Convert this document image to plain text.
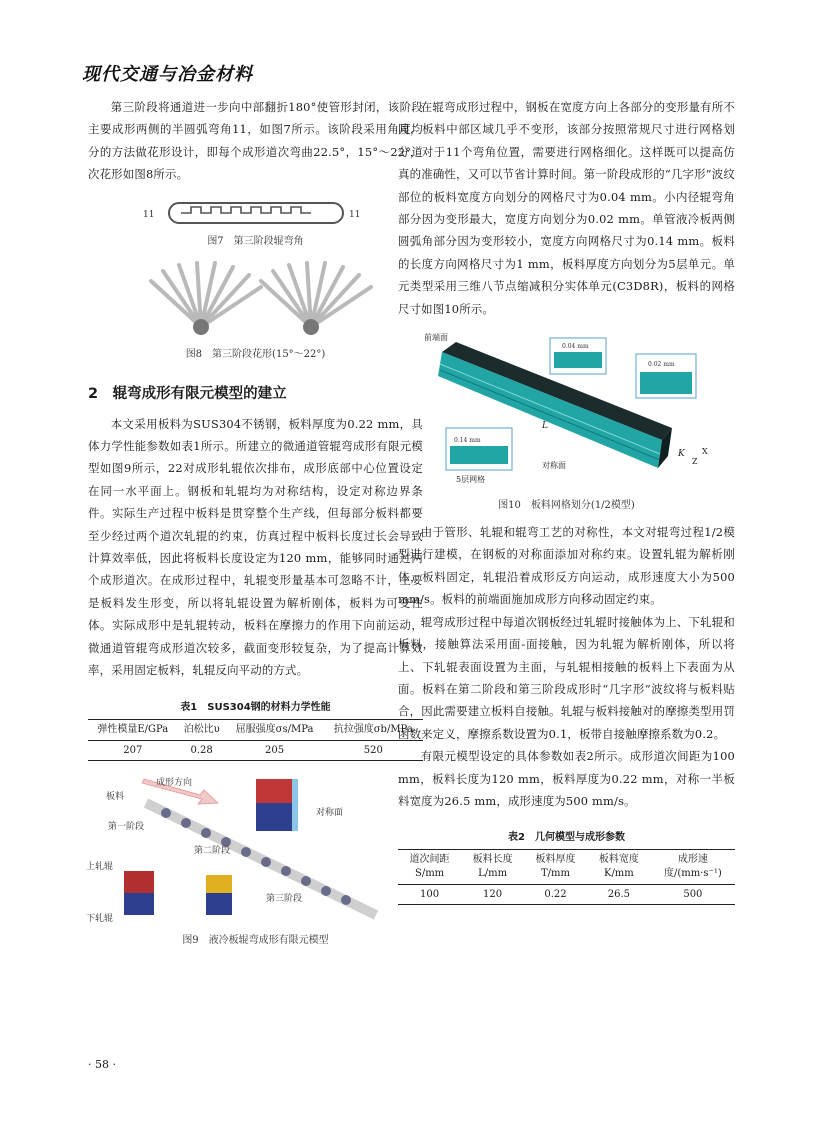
现代交通与冶金材料

第三阶段将通道进一步向中部翻折180°使管形封闭，该阶段主要成形两侧的半圆弧弯角11，如图7所示。该阶段采用角度均分的方法做花形设计，即每个成形道次弯曲22.5°，15°～22°道次花形如图8所示。

11	11

图7　第三阶段辊弯角

图8　第三阶段花形(15°～22°)

2　辊弯成形有限元模型的建立

本文采用板料为SUS304不锈钢，板料厚度为0.22 mm，具体力学性能参数如表1所示。所建立的微通道管辊弯成形有限元模型如图9所示，22对成形轧辊依次排布，成形底部中心位置设定在同一水平面上。钢板和轧辊均为对称结构，设定对称边界条件。实际生产过程中板料是贯穿整个生产线，但每部分板料都要至少经过两个道次轧辊的约束，仿真过程中板料长度过长会导致计算效率低，因此将板料长度设定为120 mm，能够同时通过两个成形道次。在成形过程中，轧辊变形量基本可忽略不计，主要是板料发生形变，所以将轧辊设置为解析刚体，板料为可变性体。实际成形中是轧辊转动，板料在摩擦力的作用下向前运动，微通道管辊弯成形道次较多，截面变形较复杂，为了提高计算效率，采用固定板料，轧辊反向平动的方式。

表1　SUS304钢的材料力学性能
弹性模量E/GPa	泊松比υ	屈服强度σs/MPa	抗拉强度σb/MPa
207	0.28	205	520
成形方向
板料
第一阶段
第二阶段
对称面
上轧辊
下轧辊
第三阶段

图9　液冷板辊弯成形有限元模型

· 58 ·

在辊弯成形过程中，钢板在宽度方向上各部分的变形量有所不同，板料中部区域几乎不变形，该部分按照常规尺寸进行网格划分，对于11个弯角位置，需要进行网格细化。这样既可以提高仿真的准确性，又可以节省计算时间。第一阶段成形的“几字形”波纹部位的板料宽度方向划分的网格尺寸为0.04 mm。小内径辊弯角部分因为变形最大，宽度方向划分为0.02 mm。单管液冷板两侧圆弧角部分因为变形较小，宽度方向网格尺寸为0.14 mm。板料的长度方向网格尺寸为1 mm，板料厚度方向划分为5层单元。单元类型采用三维八节点缩减积分实体单元(C3D8R)，板料的网格尺寸如图10所示。

0.04 mm
0.02 mm
0.14 mm
前端面
5层网格
L
对称面
K
Z
X

图10　板料网格划分(1/2模型)

由于管形、轧辊和辊弯工艺的对称性，本文对辊弯过程1/2模型进行建模，在钢板的对称面添加对称约束。设置轧辊为解析刚体，板料固定，轧辊沿着成形反方向运动，成形速度大小为500 mm/s。板料的前端面施加成形方向移动固定约束。

辊弯成形过程中每道次钢板经过轧辊时接触体为上、下轧辊和板料，接触算法采用面-面接触，因为轧辊为解析刚体，所以将上、下轧辊表面设置为主面，与轧辊相接触的板料上下表面为从面。板料在第二阶段和第三阶段成形时“几字形”波纹将与板料贴合，因此需要建立板料自接触。轧辊与板料接触对的摩擦类型用罚函数来定义，摩擦系数设置为0.1，板带自接触摩擦系数为0.2。

有限元模型设定的具体参数如表2所示。成形道次间距为100 mm，板料长度为120 mm，板料厚度为0.22 mm，对称一半板料宽度为26.5 mm，成形速度为500 mm/s。

表2　几何模型与成形参数
道次间距S/mm	板料长度L/mm	板料厚度T/mm	板料宽度K/mm	成形速度/(mm·s⁻¹)
100	120	0.22	26.5	500
